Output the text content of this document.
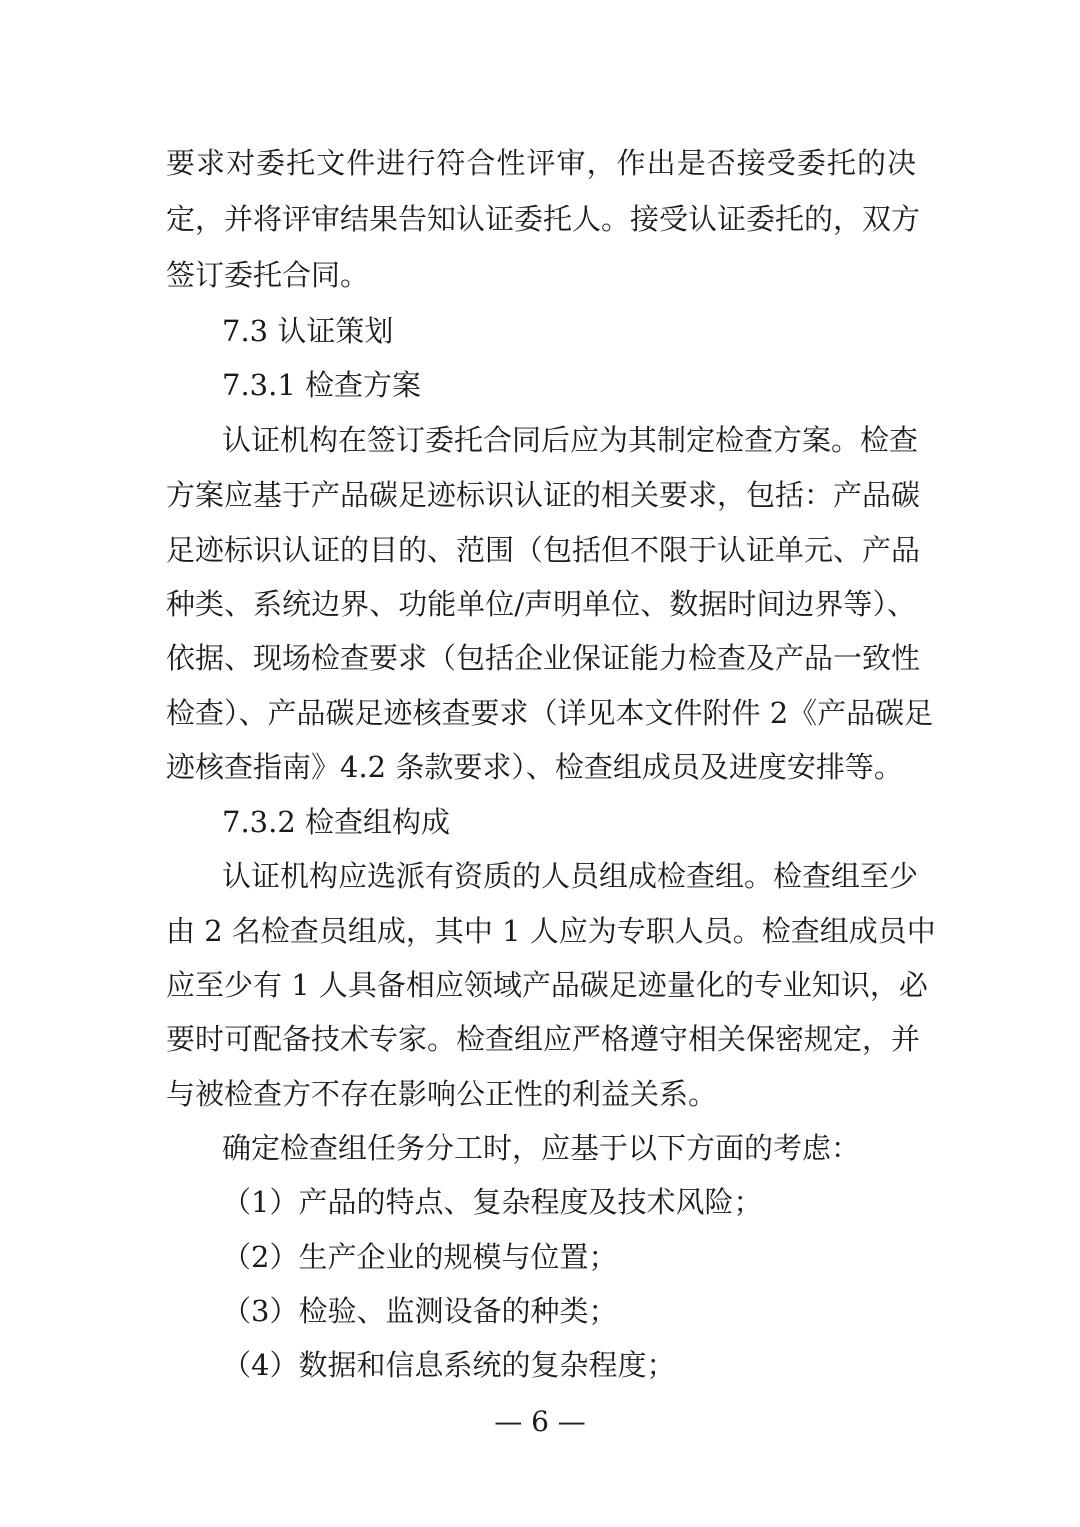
要求对委托文件进行符合性评审，作出是否接受委托的决
定，并将评审结果告知认证委托人。接受认证委托的，双方
签订委托合同。
7.3 认证策划
7.3.1 检查方案
认证机构在签订委托合同后应为其制定检查方案。检查
方案应基于产品碳足迹标识认证的相关要求，包括：产品碳
足迹标识认证的目的、范围（包括但不限于认证单元、产品
种类、系统边界、功能单位/声明单位、数据时间边界等）、
依据、现场检查要求（包括企业保证能力检查及产品一致性
检查）、产品碳足迹核查要求（详见本文件附件 2《产品碳足
迹核查指南》4.2 条款要求）、检查组成员及进度安排等。
7.3.2 检查组构成
认证机构应选派有资质的人员组成检查组。检查组至少
由 2 名检查员组成，其中 1 人应为专职人员。检查组成员中
应至少有 1 人具备相应领域产品碳足迹量化的专业知识，必
要时可配备技术专家。检查组应严格遵守相关保密规定，并
与被检查方不存在影响公正性的利益关系。
确定检查组任务分工时，应基于以下方面的考虑：
（1）产品的特点、复杂程度及技术风险；
（2）生产企业的规模与位置；
（3）检验、监测设备的种类；
（4）数据和信息系统的复杂程度；
— 6 —
